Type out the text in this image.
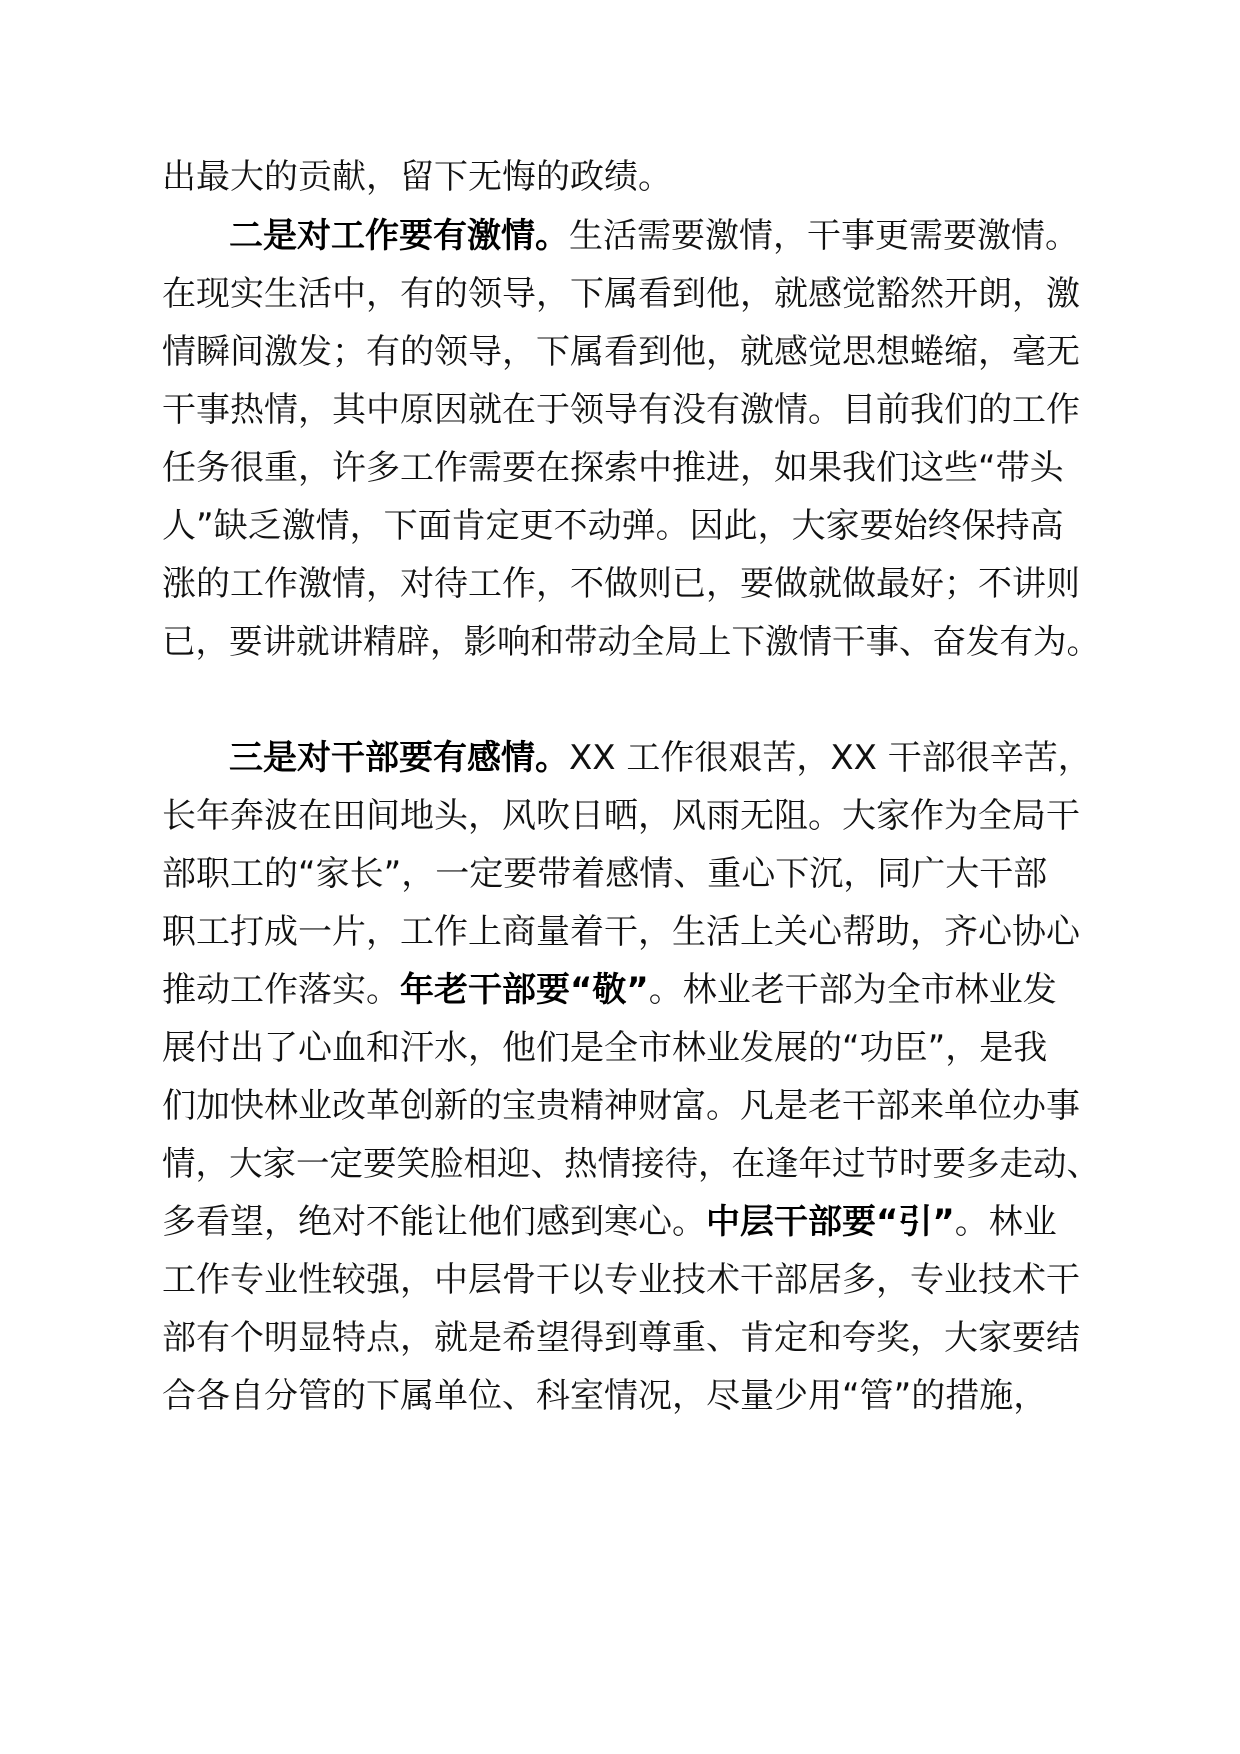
出最大的贡献，留下无悔的政绩。
二是对工作要有激情。生活需要激情，干事更需要激情。
在现实生活中，有的领导，下属看到他，就感觉豁然开朗，激
情瞬间激发；有的领导，下属看到他，就感觉思想蜷缩，毫无
干事热情，其中原因就在于领导有没有激情。目前我们的工作
任务很重，许多工作需要在探索中推进，如果我们这些“带头
人”缺乏激情，下面肯定更不动弹。因此，大家要始终保持高
涨的工作激情，对待工作，不做则已，要做就做最好；不讲则
已，要讲就讲精辟，影响和带动全局上下激情干事、奋发有为。
三是对干部要有感情。XX 工作很艰苦，XX 干部很辛苦，
长年奔波在田间地头，风吹日晒，风雨无阻。大家作为全局干
部职工的“家长”，一定要带着感情、重心下沉，同广大干部
职工打成一片，工作上商量着干，生活上关心帮助，齐心协心
推动工作落实。年老干部要“敬”。林业老干部为全市林业发
展付出了心血和汗水，他们是全市林业发展的“功臣”，是我
们加快林业改革创新的宝贵精神财富。凡是老干部来单位办事
情，大家一定要笑脸相迎、热情接待，在逢年过节时要多走动、
多看望，绝对不能让他们感到寒心。中层干部要“引”。林业
工作专业性较强，中层骨干以专业技术干部居多，专业技术干
部有个明显特点，就是希望得到尊重、肯定和夸奖，大家要结
合各自分管的下属单位、科室情况，尽量少用“管”的措施，
